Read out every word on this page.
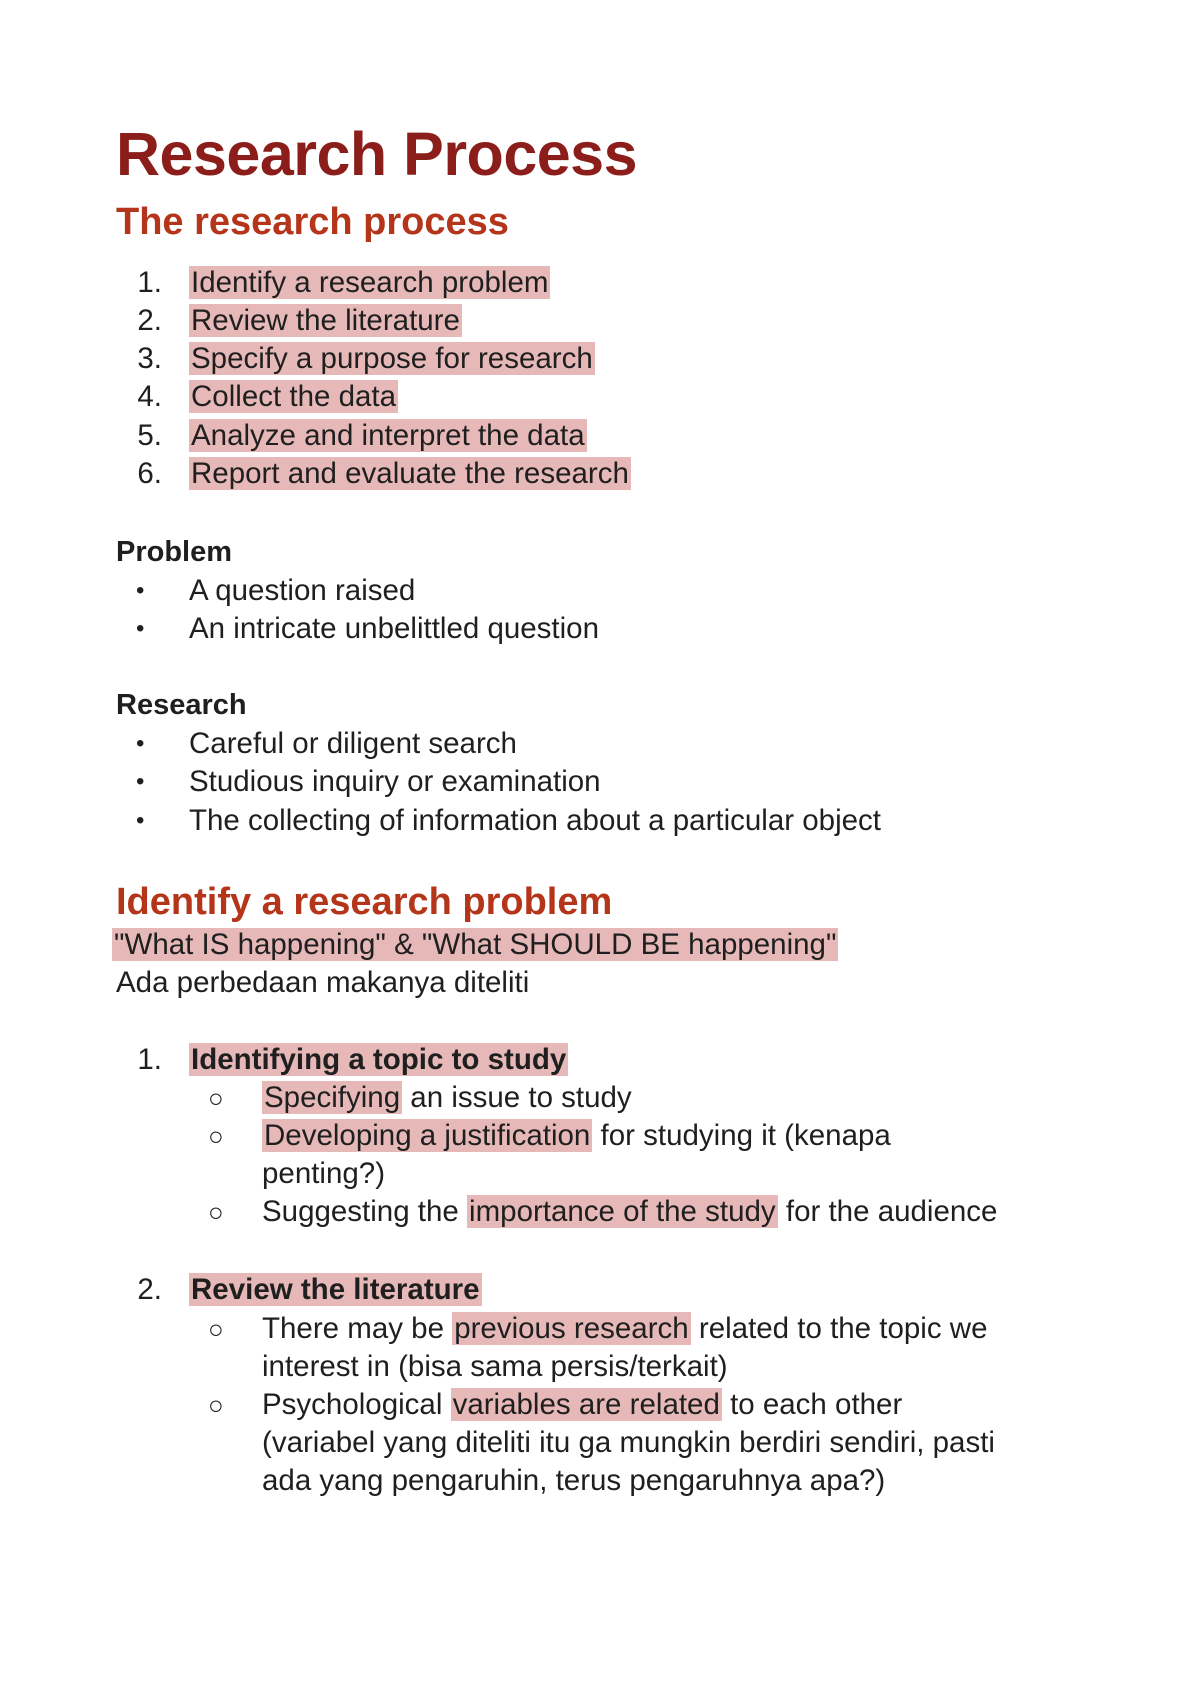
Research Process
The research process
1. Identify a research problem

2. Review the literature

3. Specify a purpose for research

4. Collect the data

5. Analyze and interpret the data

6. Report and evaluate the research

Problem
• A question raised

• An intricate unbelittled question

Research
• Careful or diligent search

• Studious inquiry or examination

• The collecting of information about a particular object

Identify a research problem

"What IS happening" & "What SHOULD BE happening"

Ada perbedaan makanya diteliti

1. Identifying a topic to study

○ Specifying an issue to study

○ Developing a justification for studying it (kenapa

penting?)

○ Suggesting the importance of the study for the audience

2. Review the literature

○ There may be previous research related to the topic we

interest in (bisa sama persis/terkait)

○ Psychological variables are related to each other

(variabel yang diteliti itu ga mungkin berdiri sendiri, pasti

ada yang pengaruhin, terus pengaruhnya apa?)
